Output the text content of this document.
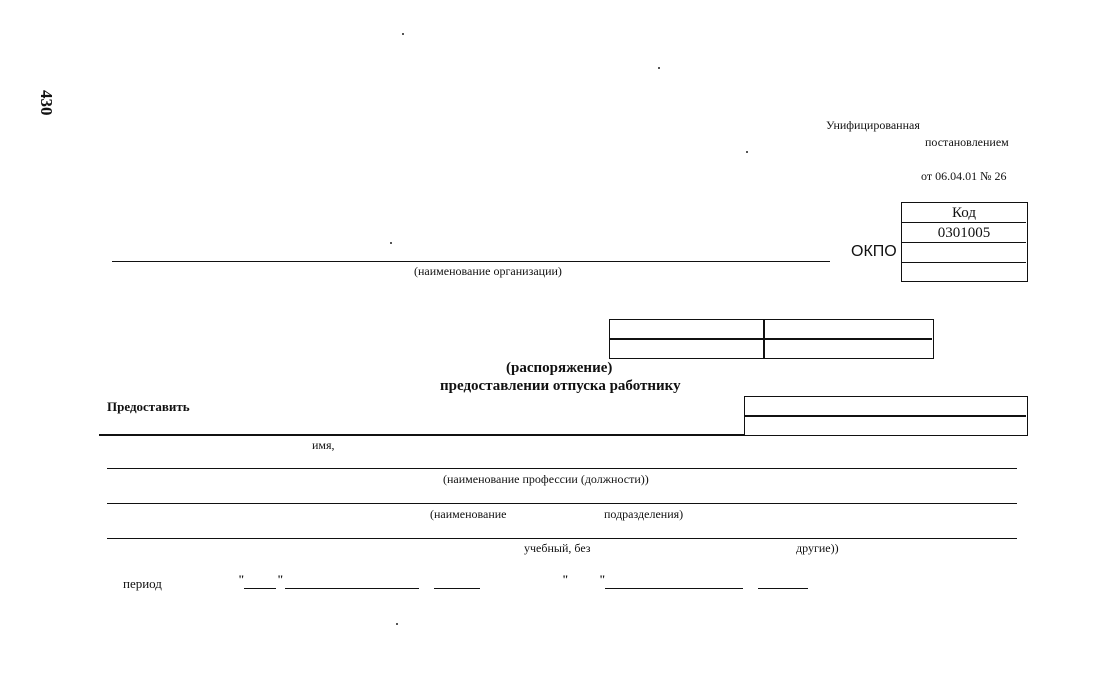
430
Унифицированная
постановлением
от 06.04.01 № 26
Код
0301005
ОКПО
(наименование организации)
(распоряжение)
предоставлении отпуска работнику
Предоставить
имя,
(наименование профессии (должности))
(наименование	подразделения)
учебный, без	другие))
период	"	"	"	"
